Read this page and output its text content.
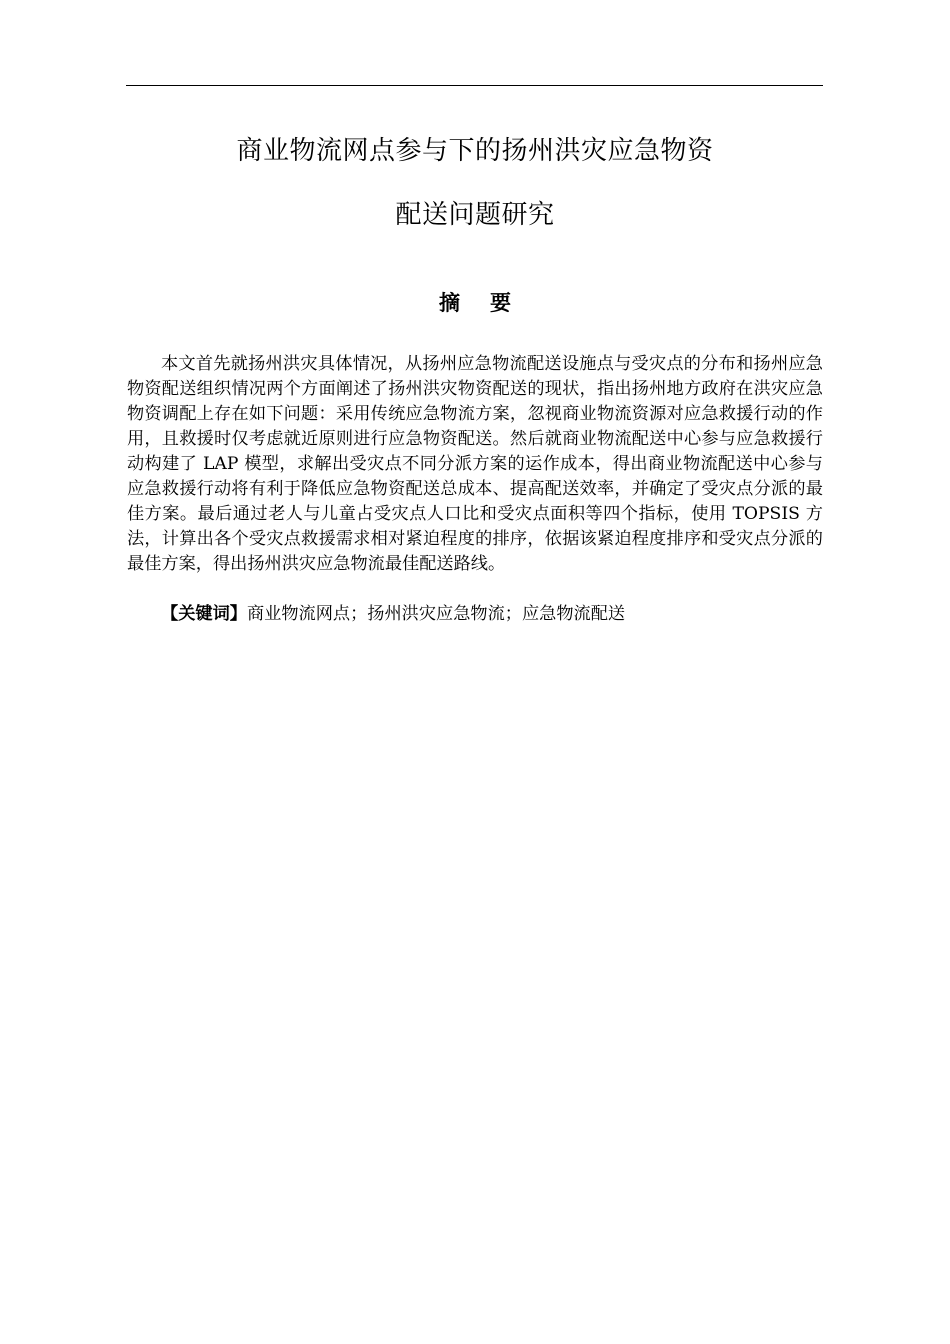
商业物流网点参与下的扬州洪灾应急物资
配送问题研究
摘要

本文首先就扬州洪灾具体情况，从扬州应急物流配送设施点与受灾点的分布和扬州应急物资配送组织情况两个方面阐述了扬州洪灾物资配送的现状，指出扬州地方政府在洪灾应急物资调配上存在如下问题：采用传统应急物流方案，忽视商业物流资源对应急救援行动的作用，且救援时仅考虑就近原则进行应急物资配送。然后就商业物流配送中心参与应急救援行动构建了 LAP 模型，求解出受灾点不同分派方案的运作成本，得出商业物流配送中心参与应急救援行动将有利于降低应急物资配送总成本、提高配送效率，并确定了受灾点分派的最佳方案。最后通过老人与儿童占受灾点人口比和受灾点面积等四个指标，使用 TOPSIS 方法，计算出各个受灾点救援需求相对紧迫程度的排序，依据该紧迫程度排序和受灾点分派的最佳方案，得出扬州洪灾应急物流最佳配送路线。

【关键词】商业物流网点；扬州洪灾应急物流；应急物流配送
